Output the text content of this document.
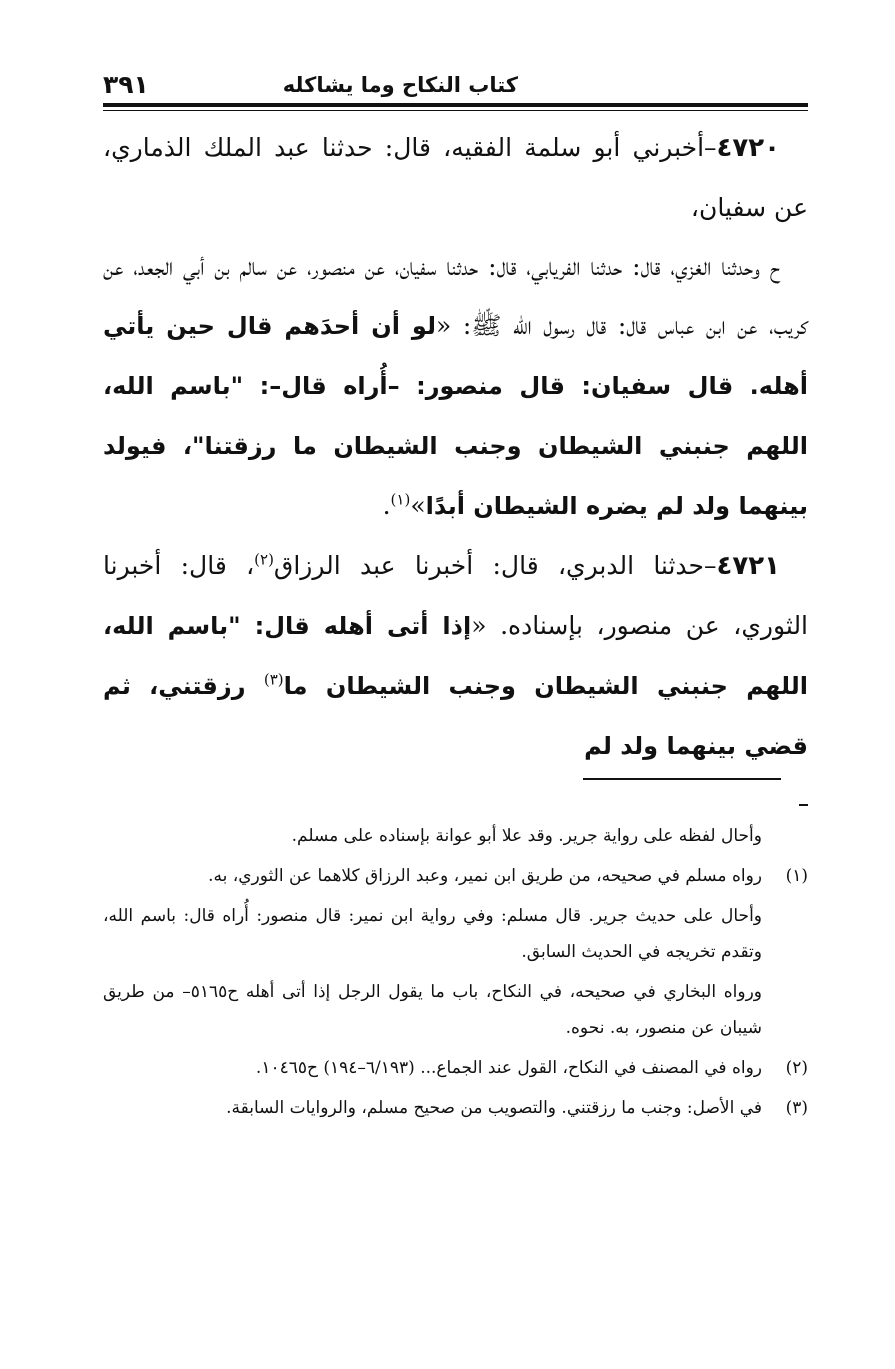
كتاب النكاح وما يشاكله
٣٩١

٤٧٢٠–أخبرني أبو سلمة الفقيه، قال: حدثنا عبد الملك الذماري، عن سفيان،

ح وحدثنا الغزي، قال: حدثنا الفريابي، قال: حدثنا سفيان، عن منصور، عن سالم بن أبي الجعد، عن كريب، عن ابن عباس قال: قال رسول الله ﷺ: «لو أن أحدَهم قال حين يأتي أهله. قال سفيان: قال منصور: –أُراه قال–: "باسم الله، اللهم جنبني الشيطان وجنب الشيطان ما رزقتنا"، فيولد بينهما ولد لم يضره الشيطان أبدًا»$^{(١)}$.

٤٧٢١–حدثنا الدبري، قال: أخبرنا عبد الرزاق$^{(٢)}$، قال: أخبرنا الثوري، عن منصور، بإسناده. «إذا أتى أهله قال: "باسم الله، اللهم جنبني الشيطان وجنب الشيطان ما$^{(٣)}$ رزقتني، ثم قضي بينهما ولد لم

وأحال لفظه على رواية جرير. وقد علا أبو عوانة بإسناده على مسلم.

(١)رواه مسلم في صحيحه، من طريق ابن نمير، وعبد الرزاق كلاهما عن الثوري، به.

وأحال على حديث جرير. قال مسلم: وفي رواية ابن نمير: قال منصور: أُراه قال: باسم الله، وتقدم تخريجه في الحديث السابق.

ورواه البخاري في صحيحه، في النكاح، باب ما يقول الرجل إذا أتى أهله ح٥١٦٥– من طريق شيبان عن منصور، به. نحوه.

(٢)رواه في المصنف في النكاح، القول عند الجماع... (٦/١٩٣–١٩٤) ح١٠٤٦٥.

(٣)في الأصل: وجنب ما رزقتني. والتصويب من صحيح مسلم، والروايات السابقة.
